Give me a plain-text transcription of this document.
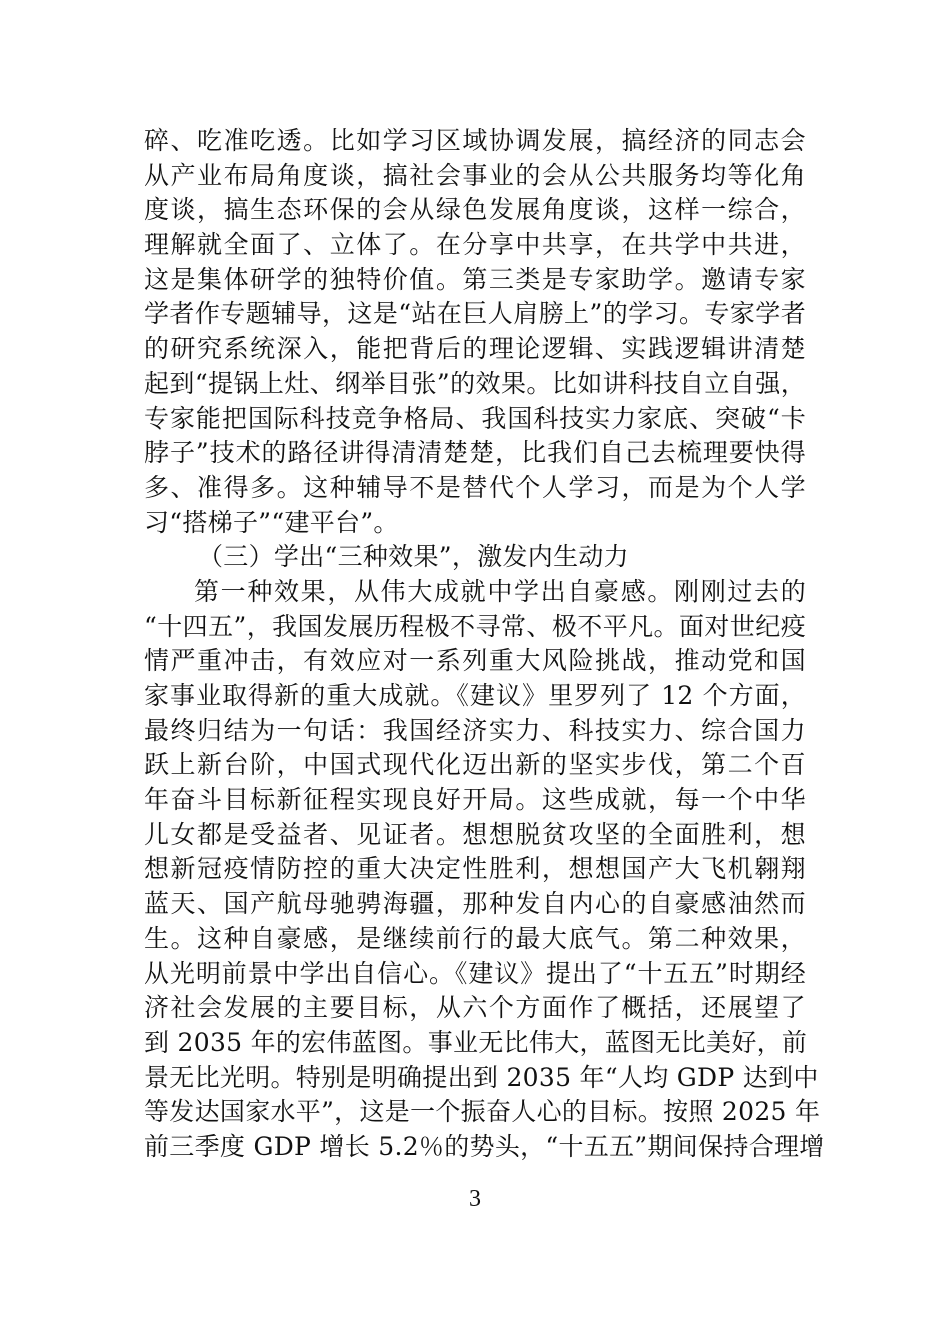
碎、吃准吃透。比如学习区域协调发展，搞经济的同志会
从产业布局角度谈，搞社会事业的会从公共服务均等化角
度谈，搞生态环保的会从绿色发展角度谈，这样一综合，
理解就全面了、立体了。在分享中共享，在共学中共进，
这是集体研学的独特价值。第三类是专家助学。邀请专家
学者作专题辅导，这是“站在巨人肩膀上”的学习。专家学者
的研究系统深入，能把背后的理论逻辑、实践逻辑讲清楚
起到“提锅上灶、纲举目张”的效果。比如讲科技自立自强，
专家能把国际科技竞争格局、我国科技实力家底、突破“卡
脖子”技术的路径讲得清清楚楚，比我们自己去梳理要快得
多、准得多。这种辅导不是替代个人学习，而是为个人学
习“搭梯子”“建平台”。
（三）学出“三种效果”，激发内生动力
第一种效果，从伟大成就中学出自豪感。刚刚过去的
“十四五”，我国发展历程极不寻常、极不平凡。面对世纪疫
情严重冲击，有效应对一系列重大风险挑战，推动党和国
家事业取得新的重大成就。《建议》里罗列了 12 个方面，
最终归结为一句话：我国经济实力、科技实力、综合国力
跃上新台阶，中国式现代化迈出新的坚实步伐，第二个百
年奋斗目标新征程实现良好开局。这些成就，每一个中华
儿女都是受益者、见证者。想想脱贫攻坚的全面胜利，想
想新冠疫情防控的重大决定性胜利，想想国产大飞机翱翔
蓝天、国产航母驰骋海疆，那种发自内心的自豪感油然而
生。这种自豪感，是继续前行的最大底气。第二种效果，
从光明前景中学出自信心。《建议》提出了“十五五”时期经
济社会发展的主要目标，从六个方面作了概括，还展望了
到 2035 年的宏伟蓝图。事业无比伟大，蓝图无比美好，前
景无比光明。特别是明确提出到 2035 年“人均 GDP 达到中
等发达国家水平”，这是一个振奋人心的目标。按照 2025 年
前三季度 GDP 增长 5.2％的势头，“十五五”期间保持合理增
3
